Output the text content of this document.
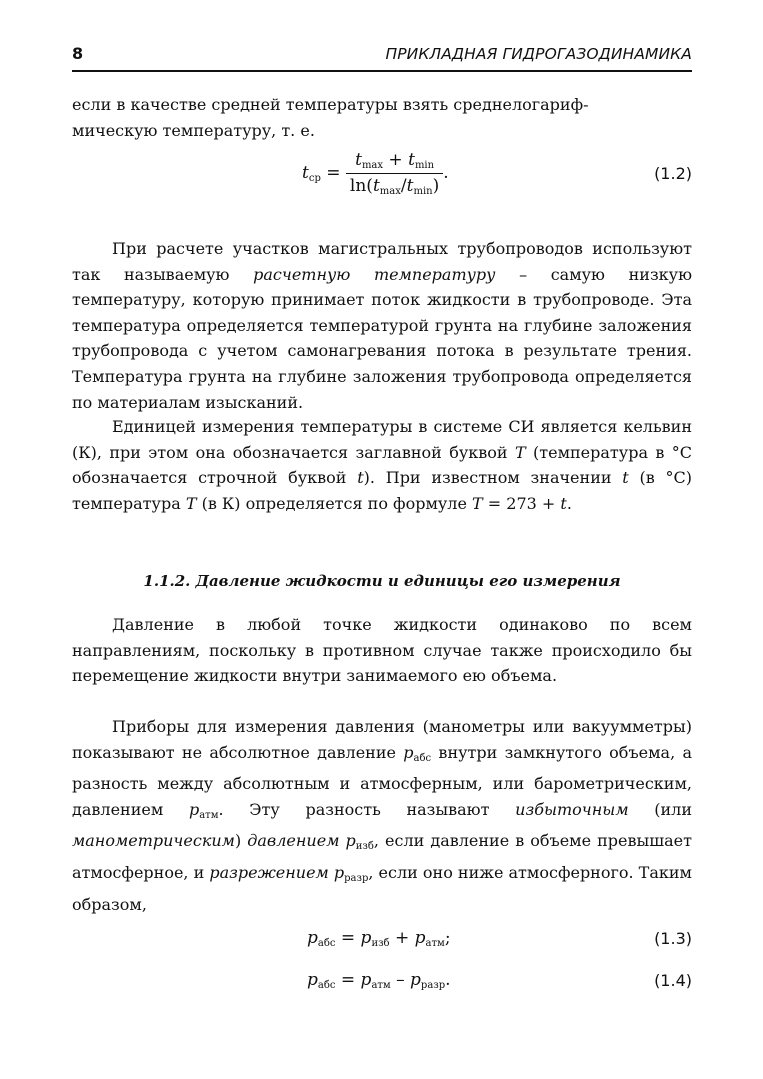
8	ПРИКЛАДНАЯ ГИДРОГАЗОДИНАМИКА

если в качестве средней температуры взять среднелогариф-

мическую температуру, т. е.

$t_{ср} = \frac{t_{max} + t_{min}}{\ln(t_{max}/t_{min})}$ .	(1.2)

При расчете участков магистральных трубопроводов используют так называемую расчетную температуру – самую низкую температуру, которую принимает поток жидкости в трубопроводе. Эта температура определяется температурой грунта на глубине заложения трубопровода с учетом самонагревания потока в результате трения. Температура грунта на глубине заложения трубопровода определяется по материалам изысканий.

Единицей измерения температуры в системе СИ является кельвин (К), при этом она обозначается заглавной буквой T (температура в °С обозначается строчной буквой t). При известном значении t (в °С) температура T (в К) определяется по формуле T = 273 + t.

1.1.2. Давление жидкости и единицы его измерения

Давление в любой точке жидкости одинаково по всем направлениям, поскольку в противном случае также происходило бы перемещение жидкости внутри занимаемого ею объема.

Приборы для измерения давления (манометры или вакуумметры) показывают не абсолютное давление $p_{абс}$ внутри замкнутого объема, а разность между абсолютным и атмосферным, или барометрическим, давлением $p_{атм}$. Эту разность называют избыточным (или манометрическим) давлением $p_{изб}$, если давление в объеме превышает атмосферное, и разрежением $p_{разр}$, если оно ниже атмосферного. Таким образом,

$p_{абс} = p_{изб} + p_{атм}$;	(1.3)
$p_{абс} = p_{атм} - p_{разр}$.	(1.4)
